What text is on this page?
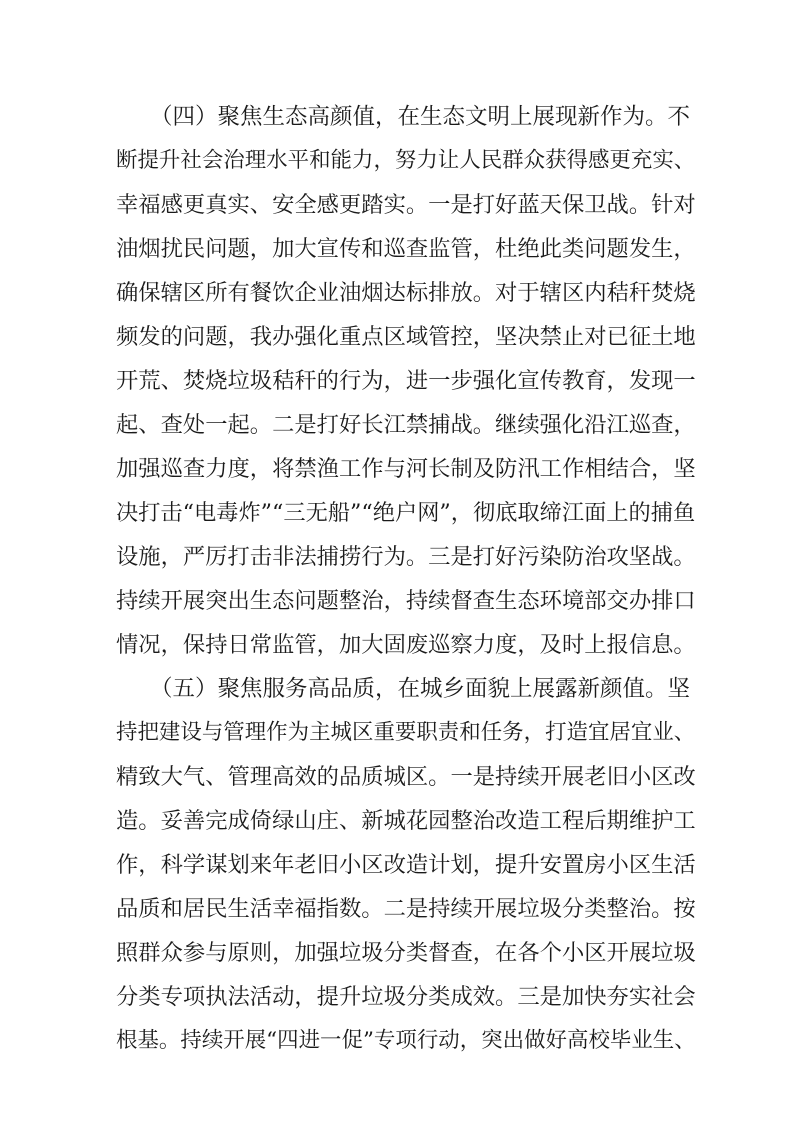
（四）聚焦生态高颜值，在生态文明上展现新作为。不
断提升社会治理水平和能力，努力让人民群众获得感更充实、
幸福感更真实、安全感更踏实。一是打好蓝天保卫战。针对
油烟扰民问题，加大宣传和巡查监管，杜绝此类问题发生，
确保辖区所有餐饮企业油烟达标排放。对于辖区内秸秆焚烧
频发的问题，我办强化重点区域管控，坚决禁止对已征土地
开荒、焚烧垃圾秸秆的行为，进一步强化宣传教育，发现一
起、查处一起。二是打好长江禁捕战。继续强化沿江巡查，
加强巡查力度，将禁渔工作与河长制及防汛工作相结合，坚
决打击“电毒炸”“三无船”“绝户网”，彻底取缔江面上的捕鱼
设施，严厉打击非法捕捞行为。三是打好污染防治攻坚战。
持续开展突出生态问题整治，持续督查生态环境部交办排口
情况，保持日常监管，加大固废巡察力度，及时上报信息。
（五）聚焦服务高品质，在城乡面貌上展露新颜值。坚
持把建设与管理作为主城区重要职责和任务，打造宜居宜业、
精致大气、管理高效的品质城区。一是持续开展老旧小区改
造。妥善完成倚绿山庄、新城花园整治改造工程后期维护工
作，科学谋划来年老旧小区改造计划，提升安置房小区生活
品质和居民生活幸福指数。二是持续开展垃圾分类整治。按
照群众参与原则，加强垃圾分类督查，在各个小区开展垃圾
分类专项执法活动，提升垃圾分类成效。三是加快夯实社会
根基。持续开展“四进一促”专项行动，突出做好高校毕业生、
